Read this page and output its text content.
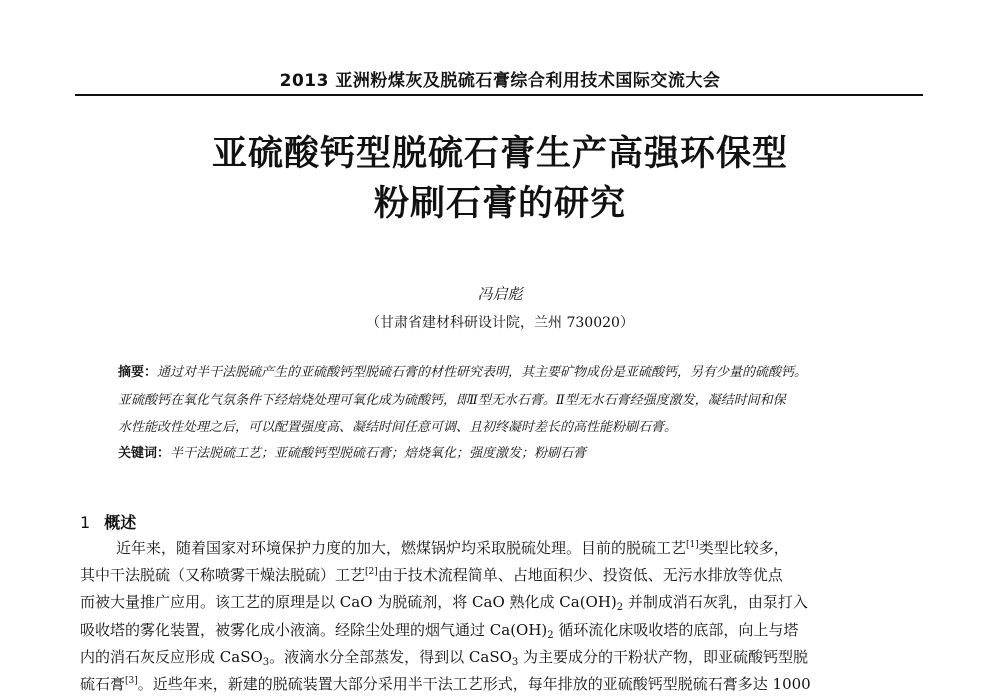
2013 亚洲粉煤灰及脱硫石膏综合利用技术国际交流大会
亚硫酸钙型脱硫石膏生产高强环保型
粉刷石膏的研究
冯启彪
（甘肃省建材科研设计院，兰州 730020）
摘要：通过对半干法脱硫产生的亚硫酸钙型脱硫石膏的材性研究表明，其主要矿物成份是亚硫酸钙，另有少量的硫酸钙。
亚硫酸钙在氧化气氛条件下经焙烧处理可氧化成为硫酸钙，即Ⅱ型无水石膏。Ⅱ型无水石膏经强度激发，凝结时间和保
水性能改性处理之后，可以配置强度高、凝结时间任意可调、且初终凝时差长的高性能粉刷石膏。
关键词：半干法脱硫工艺；亚硫酸钙型脱硫石膏；焙烧氧化；强度激发；粉刷石膏
1 概述
近年来，随着国家对环境保护力度的加大，燃煤锅炉均采取脱硫处理。目前的脱硫工艺[1]类型比较多，
其中干法脱硫（又称喷雾干燥法脱硫）工艺[2]由于技术流程简单、占地面积少、投资低、无污水排放等优点
而被大量推广应用。该工艺的原理是以 CaO 为脱硫剂，将 CaO 熟化成 $Ca(OH)_2$ 并制成消石灰乳，由泵打入
吸收塔的雾化装置，被雾化成小液滴。经除尘处理的烟气通过 $Ca(OH)_2$ 循环流化床吸收塔的底部，向上与塔
内的消石灰反应形成 CaSO$_3$。液滴水分全部蒸发，得到以 CaSO$_3$ 为主要成分的干粉状产物，即亚硫酸钙型脱
硫石膏[3]。近些年来，新建的脱硫装置大部分采用半干法工艺形式，每年排放的亚硫酸钙型脱硫石膏多达 1000
